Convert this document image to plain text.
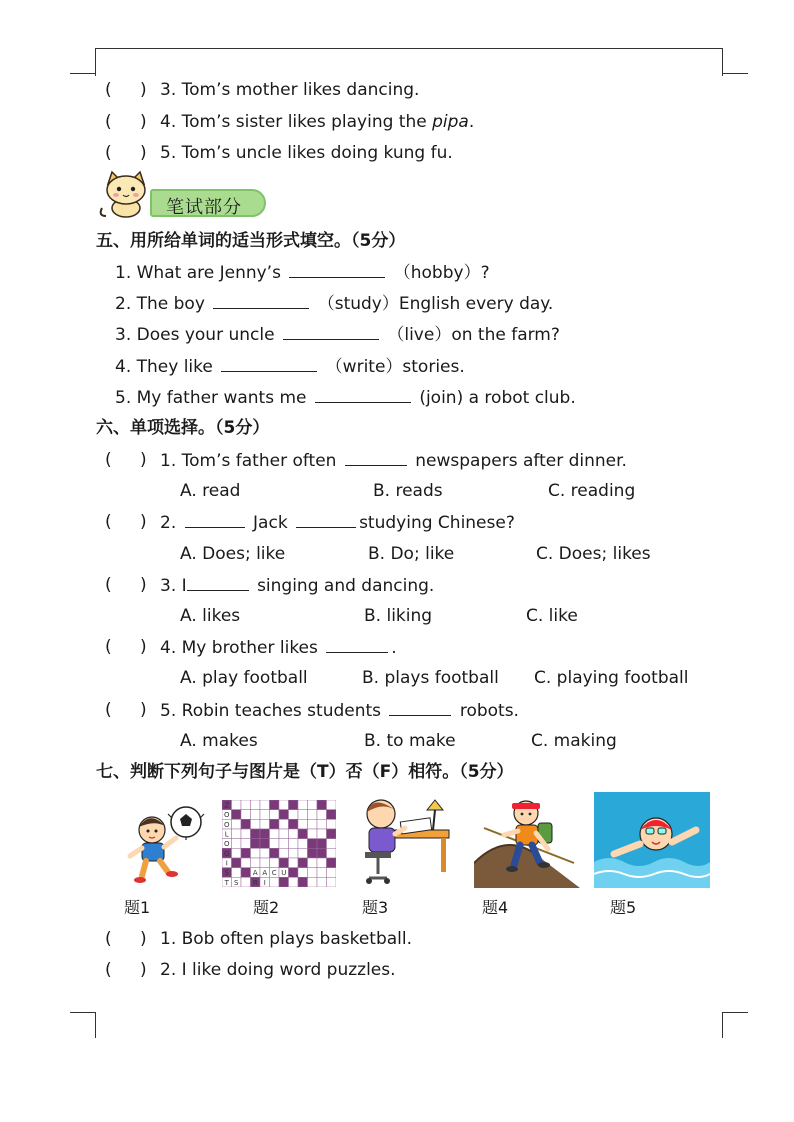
( ) 3. Tom’s mother likes dancing.
( ) 4. Tom’s sister likes playing the pipa.
( ) 5. Tom’s uncle likes doing kung fu.
笔试部分
五、用所给单词的适当形式填空。（5分）
1. What are Jenny’s	（hobby）?
2. The boy	（study）English every day.
3. Does your uncle	（live）on the farm?
4. They like	（write）stories.
5. My father wants me	(join) a robot club.
六、单项选择。（5分）
( ) 1. Tom’s father often	newspapers after dinner.
A. read	B. reads	C. reading
( ) 2.	Jack	studying Chinese?
A. Does; like	B. Do; like	C. Does; likes
( ) 3. I	singing and dancing.
A. likes	B. liking	C. like
( ) 4. My brother likes	.
A. play football	B. plays football C. playing football
( ) 5. Robin teaches students	robots.
A. makes	B. to make	C. making
七、判断下列句子与图片是（T）否（F）相符。（5分）
Z
O
O
L
O
G
I
S
T S
A A C U
R I
题1	题2	题3	题4	题5
( ) 1. Bob often plays basketball.
( ) 2. I like doing word puzzles.
